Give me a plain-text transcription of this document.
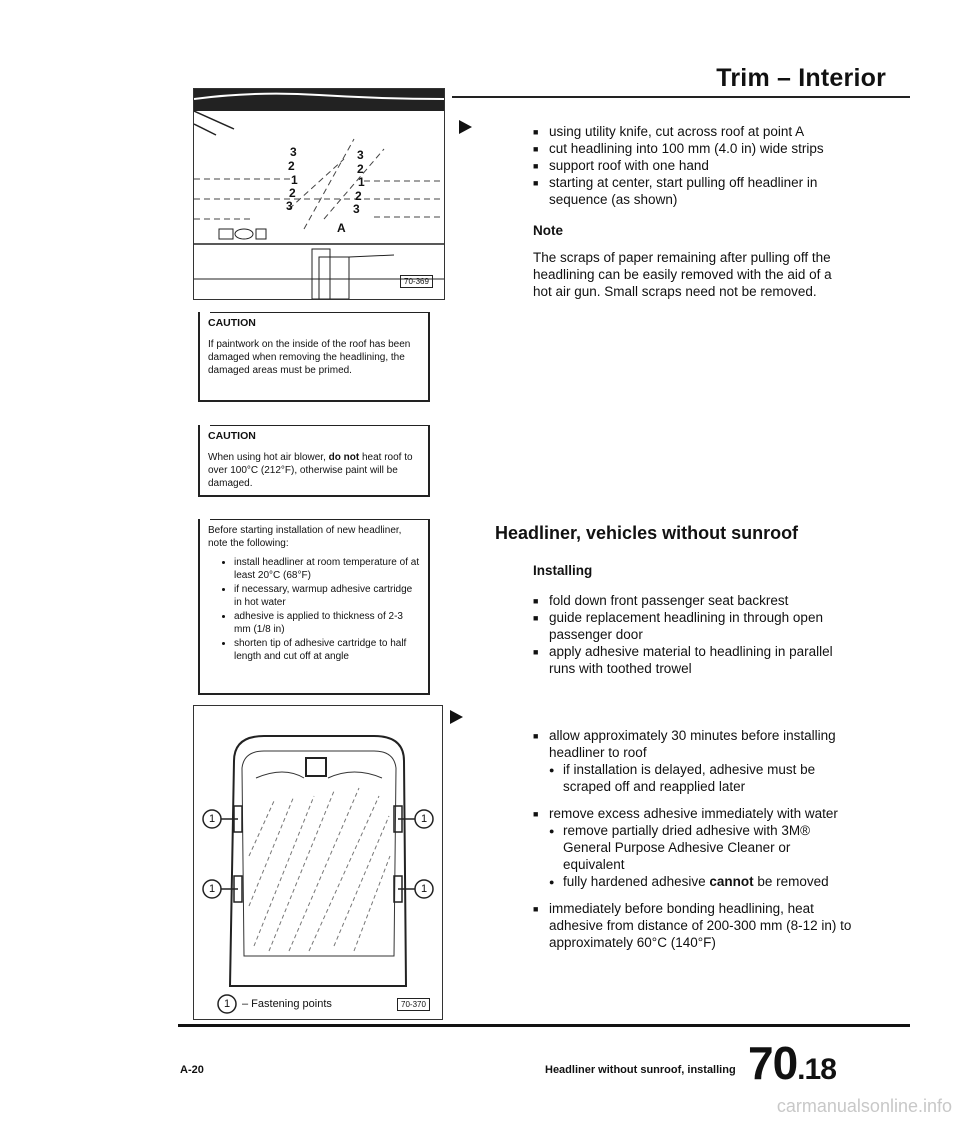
Trim – Interior
3
2
1
2
3
3
2
1
2
3
A
70-369
CAUTION
If paintwork on the inside of the roof has been damaged when removing the headlining, the damaged areas must be primed.
CAUTION
When using hot air blower, do not heat roof to over 100°C (212°F), otherwise paint will be damaged.
Before starting installation of new headliner, note the following:
• install headliner at room temperature of at least 20°C (68°F)
• if necessary, warmup adhesive cartridge in hot water
• adhesive is applied to thickness of 2-3 mm (1/8 in)
• shorten tip of adhesive cartridge to half length and cut off at angle
1	1
1	1
1	– Fastening points	70-370
■ using utility knife, cut across roof at point A
■ cut headlining into 100 mm (4.0 in) wide strips
■ support roof with one hand
■ starting at center, start pulling off headliner in sequence (as shown)
Note
The scraps of paper remaining after pulling off the headlining can be easily removed with the aid of a hot air gun. Small scraps need not be removed.
Headliner, vehicles without sunroof
Installing
■ fold down front passenger seat backrest
■ guide replacement headlining in through open passenger door
■ apply adhesive material to headlining in parallel runs with toothed trowel
■ allow approximately 30 minutes before installing headliner to roof
● if installation is delayed, adhesive must be scraped off and reapplied later
■ remove excess adhesive immediately with water
● remove partially dried adhesive with 3M® General Purpose Adhesive Cleaner or equivalent
● fully hardened adhesive cannot be removed
■ immediately before bonding headlining, heat adhesive from distance of 200-300 mm (8-12 in) to approximately 60°C (140°F)
A-20	Headliner without sunroof, installing 70.18
carmanualsonline.info
